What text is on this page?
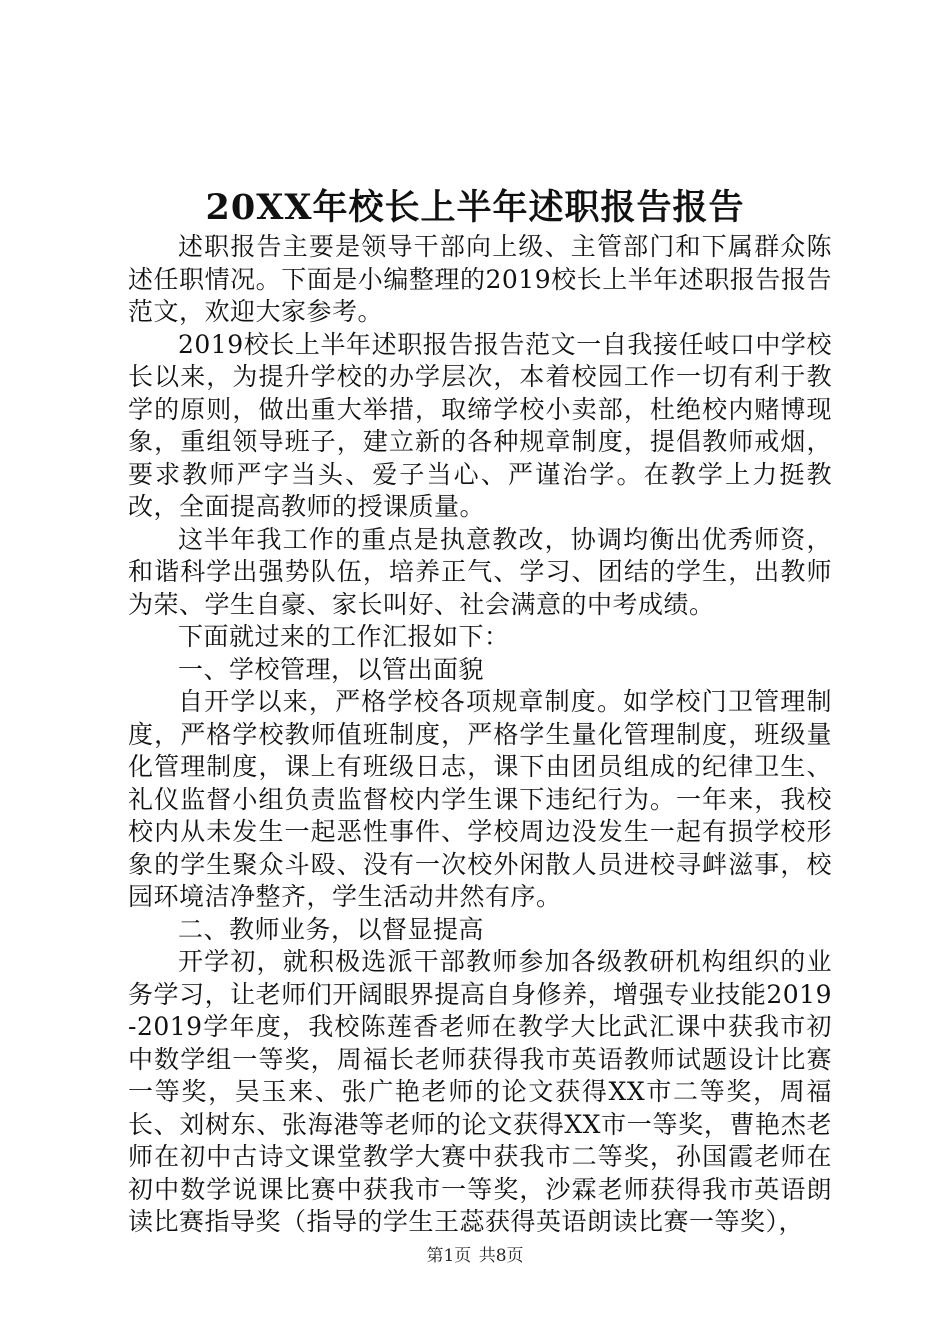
20XX年校长上半年述职报告报告

述职报告主要是领导干部向上级、主管部门和下属群众陈述任职情况。下面是小编整理的2019校长上半年述职报告报告范文，欢迎大家参考。

2019校长上半年述职报告报告范文一自我接任岐口中学校长以来，为提升学校的办学层次，本着校园工作一切有利于教学的原则，做出重大举措，取缔学校小卖部，杜绝校内赌博现象，重组领导班子，建立新的各种规章制度，提倡教师戒烟，要求教师严字当头、爱子当心、严谨治学。在教学上力挺教改，全面提高教师的授课质量。

这半年我工作的重点是执意教改，协调均衡出优秀师资，和谐科学出强势队伍，培养正气、学习、团结的学生，出教师为荣、学生自豪、家长叫好、社会满意的中考成绩。

下面就过来的工作汇报如下：

一、学校管理，以管出面貌

自开学以来，严格学校各项规章制度。如学校门卫管理制度，严格学校教师值班制度，严格学生量化管理制度，班级量化管理制度，课上有班级日志，课下由团员组成的纪律卫生、礼仪监督小组负责监督校内学生课下违纪行为。一年来，我校校内从未发生一起恶性事件、学校周边没发生一起有损学校形象的学生聚众斗殴、没有一次校外闲散人员进校寻衅滋事，校园环境洁净整齐，学生活动井然有序。

二、教师业务，以督显提高

开学初，就积极选派干部教师参加各级教研机构组织的业务学习，让老师们开阔眼界提高自身修养，增强专业技能2019-2019学年度，我校陈莲香老师在教学大比武汇课中获我市初中数学组一等奖，周福长老师获得我市英语教师试题设计比赛一等奖，吴玉来、张广艳老师的论文获得XX市二等奖，周福长、刘树东、张海港等老师的论文获得XX市一等奖，曹艳杰老师在初中古诗文课堂教学大赛中获我市二等奖，孙国霞老师在初中数学说课比赛中获我市一等奖，沙霖老师获得我市英语朗读比赛指导奖（指导的学生王蕊获得英语朗读比赛一等奖），

第1页 共8页
